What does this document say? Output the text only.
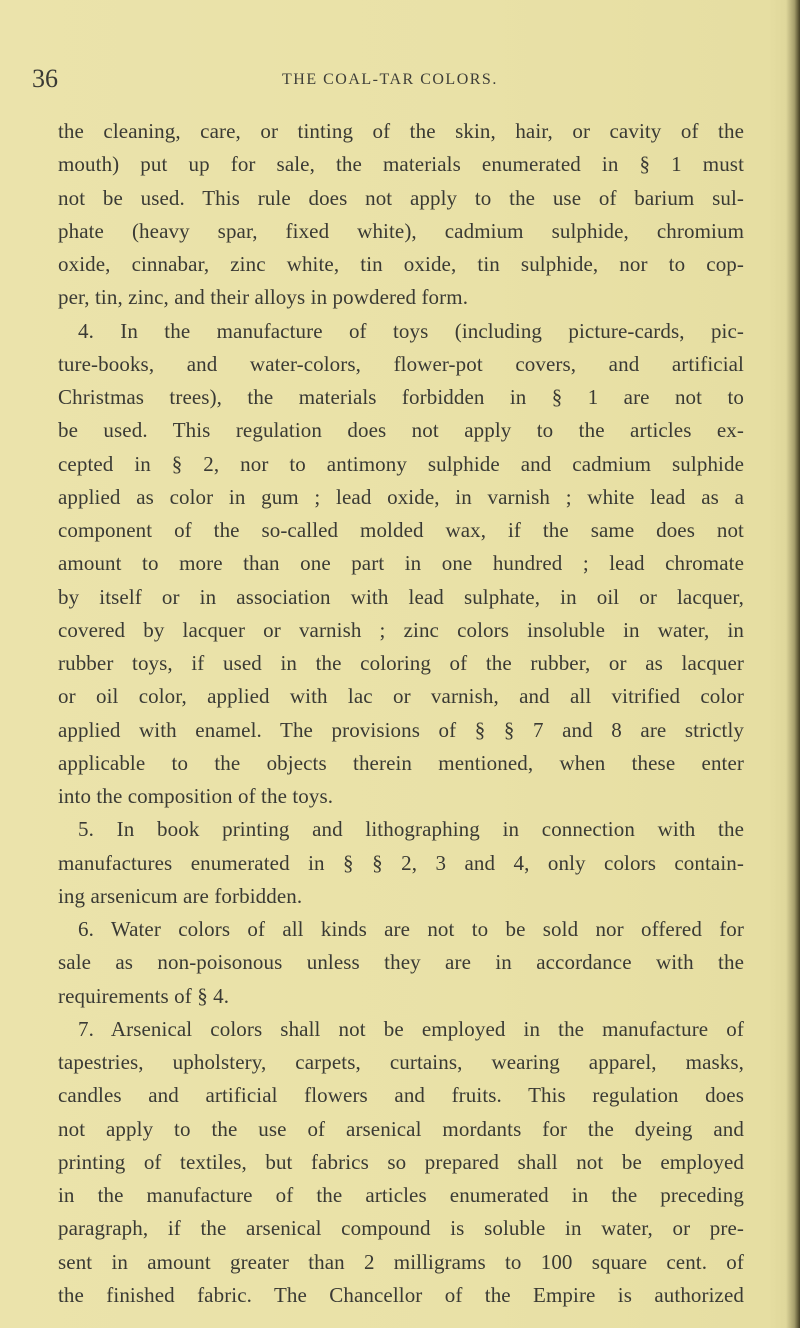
36	THE COAL-TAR COLORS.
the cleaning, care, or tinting of the skin, hair, or cavity of the
mouth) put up for sale, the materials enumerated in § 1 must
not be used. This rule does not apply to the use of barium sul-
phate (heavy spar, fixed white), cadmium sulphide, chromium
oxide, cinnabar, zinc white, tin oxide, tin sulphide, nor to cop-
per, tin, zinc, and their alloys in powdered form.
4. In the manufacture of toys (including picture-cards, pic-
ture-books, and water-colors, flower-pot covers, and artificial
Christmas trees), the materials forbidden in § 1 are not to
be used. This regulation does not apply to the articles ex-
cepted in § 2, nor to antimony sulphide and cadmium sulphide
applied as color in gum ; lead oxide, in varnish ; white lead as a
component of the so-called molded wax, if the same does not
amount to more than one part in one hundred ; lead chromate
by itself or in association with lead sulphate, in oil or lacquer,
covered by lacquer or varnish ; zinc colors insoluble in water, in
rubber toys, if used in the coloring of the rubber, or as lacquer
or oil color, applied with lac or varnish, and all vitrified color
applied with enamel. The provisions of § § 7 and 8 are strictly
applicable to the objects therein mentioned, when these enter
into the composition of the toys.
5. In book printing and lithographing in connection with the
manufactures enumerated in § § 2, 3 and 4, only colors contain-
ing arsenicum are forbidden.
6. Water colors of all kinds are not to be sold nor offered for
sale as non-poisonous unless they are in accordance with the
requirements of § 4.
7. Arsenical colors shall not be employed in the manufacture of
tapestries, upholstery, carpets, curtains, wearing apparel, masks,
candles and artificial flowers and fruits. This regulation does
not apply to the use of arsenical mordants for the dyeing and
printing of textiles, but fabrics so prepared shall not be employed
in the manufacture of the articles enumerated in the preceding
paragraph, if the arsenical compound is soluble in water, or pre-
sent in amount greater than 2 milligrams to 100 square cent. of
the finished fabric. The Chancellor of the Empire is authorized
